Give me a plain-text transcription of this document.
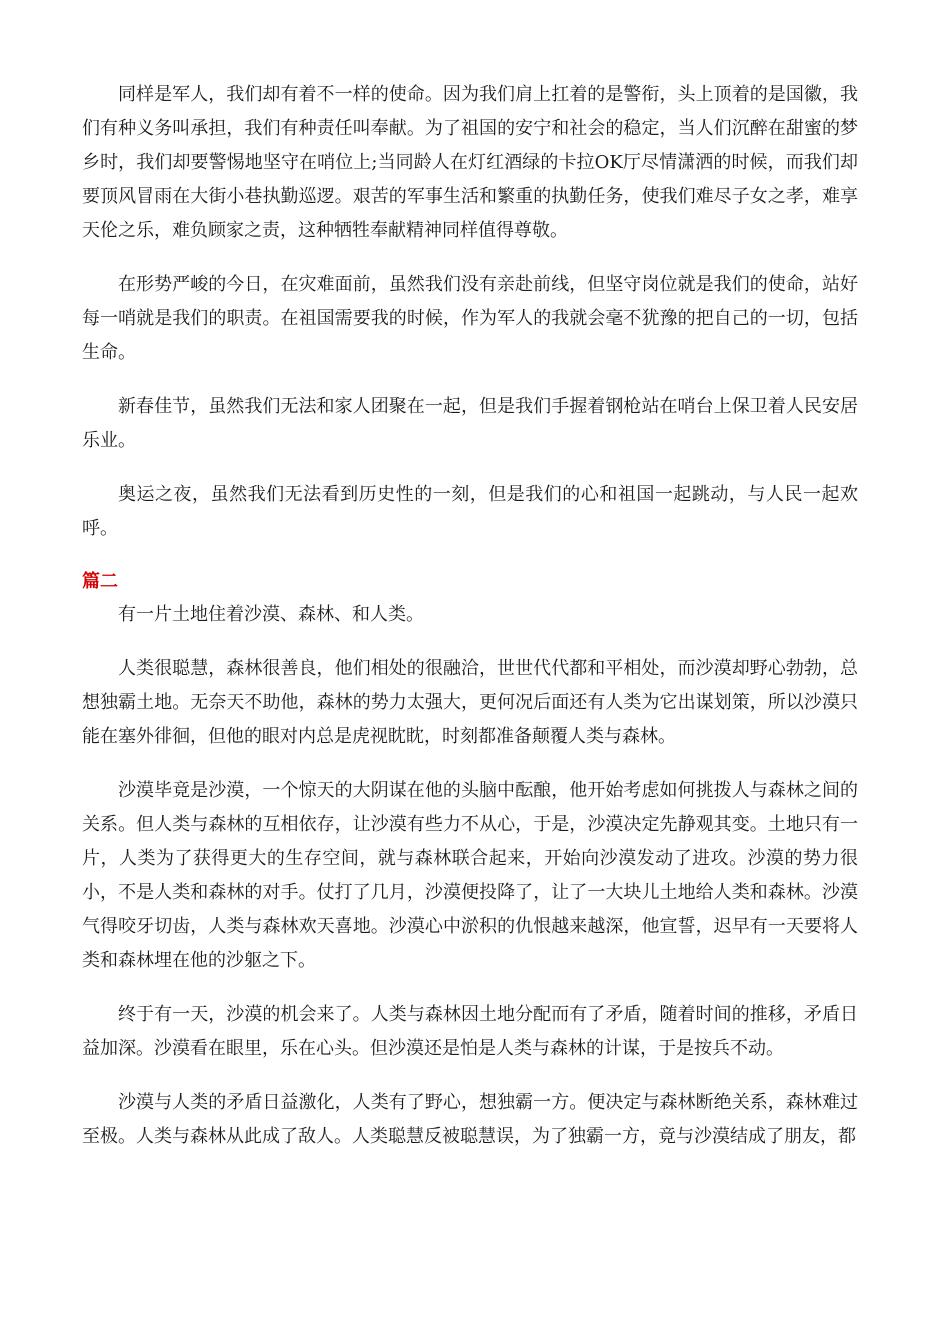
同样是军人，我们却有着不一样的使命。因为我们肩上扛着的是警衔，头上顶着的是国徽，我们有种义务叫承担，我们有种责任叫奉献。为了祖国的安宁和社会的稳定，当人们沉醉在甜蜜的梦乡时，我们却要警惕地坚守在哨位上;当同龄人在灯红酒绿的卡拉OK厅尽情潇洒的时候，而我们却要顶风冒雨在大街小巷执勤巡逻。艰苦的军事生活和繁重的执勤任务，使我们难尽子女之孝，难享天伦之乐，难负顾家之责，这种牺牲奉献精神同样值得尊敬。

在形势严峻的今日，在灾难面前，虽然我们没有亲赴前线，但坚守岗位就是我们的使命，站好每一哨就是我们的职责。在祖国需要我的时候，作为军人的我就会毫不犹豫的把自己的一切，包括生命。

新春佳节，虽然我们无法和家人团聚在一起，但是我们手握着钢枪站在哨台上保卫着人民安居乐业。

奥运之夜，虽然我们无法看到历史性的一刻，但是我们的心和祖国一起跳动，与人民一起欢呼。

篇二

有一片土地住着沙漠、森林、和人类。

人类很聪慧，森林很善良，他们相处的很融洽，世世代代都和平相处，而沙漠却野心勃勃，总想独霸土地。无奈天不助他，森林的势力太强大，更何况后面还有人类为它出谋划策，所以沙漠只能在塞外徘徊，但他的眼对内总是虎视眈眈，时刻都准备颠覆人类与森林。

沙漠毕竟是沙漠，一个惊天的大阴谋在他的头脑中酝酿，他开始考虑如何挑拨人与森林之间的关系。但人类与森林的互相依存，让沙漠有些力不从心，于是，沙漠决定先静观其变。土地只有一片，人类为了获得更大的生存空间，就与森林联合起来，开始向沙漠发动了进攻。沙漠的势力很小，不是人类和森林的对手。仗打了几月，沙漠便投降了，让了一大块儿土地给人类和森林。沙漠气得咬牙切齿，人类与森林欢天喜地。沙漠心中淤积的仇恨越来越深，他宣誓，迟早有一天要将人类和森林埋在他的沙躯之下。

终于有一天，沙漠的机会来了。人类与森林因土地分配而有了矛盾，随着时间的推移，矛盾日益加深。沙漠看在眼里，乐在心头。但沙漠还是怕是人类与森林的计谋，于是按兵不动。

沙漠与人类的矛盾日益激化，人类有了野心，想独霸一方。便决定与森林断绝关系，森林难过至极。人类与森林从此成了敌人。人类聪慧反被聪慧误，为了独霸一方，竟与沙漠结成了朋友，都
